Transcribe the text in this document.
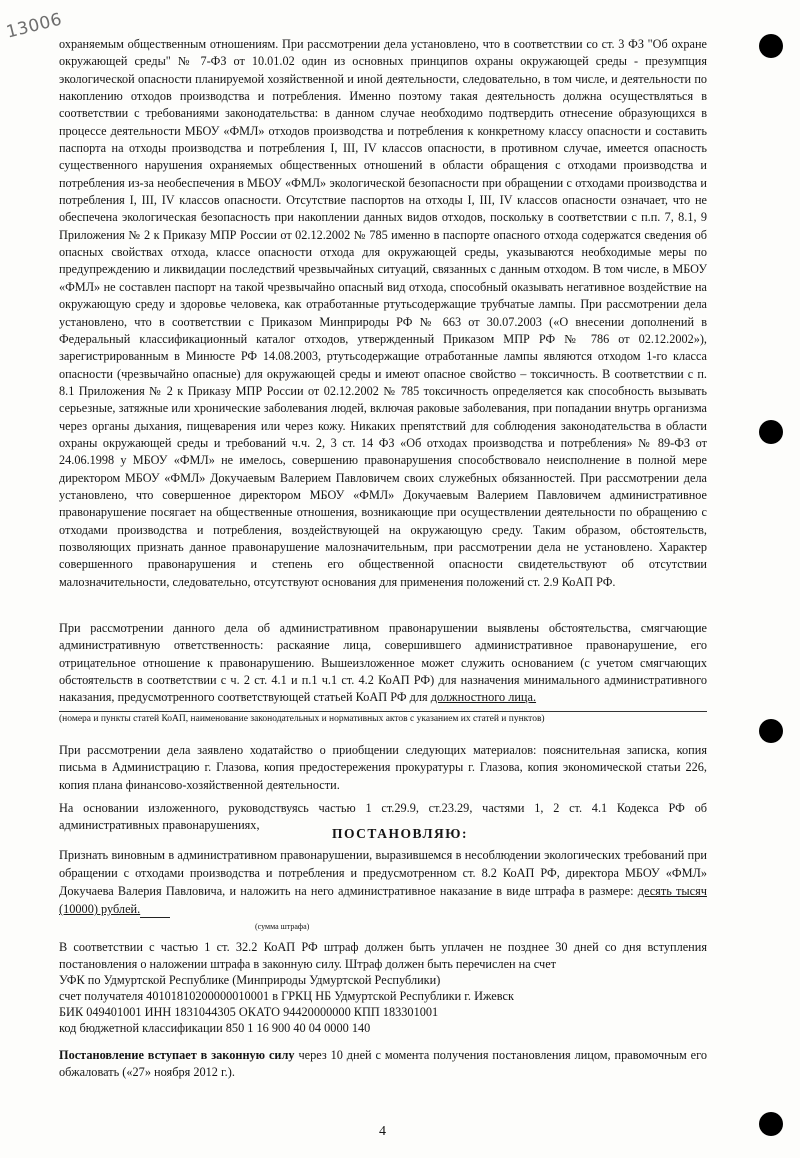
13006

охраняемым общественным отношениям. При рассмотрении дела установлено, что в соответствии со ст. 3 ФЗ "Об охране окружающей среды" № 7-ФЗ от 10.01.02 один из основных принципов охраны окружающей среды - презумпция экологической опасности планируемой хозяйственной и иной деятельности, следовательно, в том числе, и деятельности по накоплению отходов производства и потребления. Именно поэтому такая деятельность должна осуществляться в соответствии с требованиями законодательства: в данном случае необходимо подтвердить отнесение образующихся в процессе деятельности МБОУ «ФМЛ» отходов производства и потребления к конкретному классу опасности и составить паспорта на отходы производства и потребления I, III, IV классов опасности, в противном случае, имеется опасность существенного нарушения охраняемых общественных отношений в области обращения с отходами производства и потребления из-за необеспечения в МБОУ «ФМЛ» экологической безопасности при обращении с отходами производства и потребления I, III, IV классов опасности. Отсутствие паспортов на отходы I, III, IV классов опасности означает, что не обеспечена экологическая безопасность при накоплении данных видов отходов, поскольку в соответствии с п.п. 7, 8.1, 9 Приложения № 2 к Приказу МПР России от 02.12.2002 № 785 именно в паспорте опасного отхода содержатся сведения об опасных свойствах отхода, классе опасности отхода для окружающей среды, указываются необходимые меры по предупреждению и ликвидации последствий чрезвычайных ситуаций, связанных с данным отходом. В том числе, в МБОУ «ФМЛ» не составлен паспорт на такой чрезвычайно опасный вид отхода, способный оказывать негативное воздействие на окружающую среду и здоровье человека, как отработанные ртутьсодержащие трубчатые лампы. При рассмотрении дела установлено, что в соответствии с Приказом Минприроды РФ № 663 от 30.07.2003 («О внесении дополнений в Федеральный классификационный каталог отходов, утвержденный Приказом МПР РФ № 786 от 02.12.2002»), зарегистрированным в Минюсте РФ 14.08.2003, ртутьсодержащие отработанные лампы являются отходом 1-го класса опасности (чрезвычайно опасные) для окружающей среды и имеют опасное свойство – токсичность. В соответствии с п. 8.1 Приложения № 2 к Приказу МПР России от 02.12.2002 № 785 токсичность определяется как способность вызывать серьезные, затяжные или хронические заболевания людей, включая раковые заболевания, при попадании внутрь организма через органы дыхания, пищеварения или через кожу. Никаких препятствий для соблюдения законодательства в области охраны окружающей среды и требований ч.ч. 2, 3 ст. 14 ФЗ «Об отходах производства и потребления» № 89-ФЗ от 24.06.1998 у МБОУ «ФМЛ» не имелось, совершению правонарушения способствовало неисполнение в полной мере директором МБОУ «ФМЛ» Докучаевым Валерием Павловичем своих служебных обязанностей. При рассмотрении дела установлено, что совершенное директором МБОУ «ФМЛ» Докучаевым Валерием Павловичем административное правонарушение посягает на общественные отношения, возникающие при осуществлении деятельности по обращению с отходами производства и потребления, воздействующей на окружающую среду. Таким образом, обстоятельств, позволяющих признать данное правонарушение малозначительным, при рассмотрении дела не установлено. Характер совершенного правонарушения и степень его общественной опасности свидетельствуют об отсутствии малозначительности, следовательно, отсутствуют основания для применения положений ст. 2.9 КоАП РФ.

При рассмотрении данного дела об административном правонарушении выявлены обстоятельства, смягчающие административную ответственность: раскаяние лица, совершившего административное правонарушение, его отрицательное отношение к правонарушению. Вышеизложенное может служить основанием (с учетом смягчающих обстоятельств в соответствии с ч. 2 ст. 4.1 и п.1 ч.1 ст. 4.2 КоАП РФ) для назначения минимального административного наказания, предусмотренного соответствующей статьей КоАП РФ для должностного лица.

(номера и пункты статей КоАП, наименование законодательных и нормативных актов с указанием их статей и пунктов)

При рассмотрении дела заявлено ходатайство о приобщении следующих материалов: пояснительная записка, копия письма в Администрацию г. Глазова, копия предостережения прокуратуры г. Глазова, копия экономической статьи 226, копия плана финансово-хозяйственной деятельности.

На основании изложенного, руководствуясь частью 1 ст.29.9, ст.23.29, частями 1, 2 ст. 4.1 Кодекса РФ об административных правонарушениях,

ПОСТАНОВЛЯЮ:

Признать виновным в административном правонарушении, выразившемся в несоблюдении экологических требований при обращении с отходами производства и потребления и предусмотренном ст. 8.2 КоАП РФ, директора МБОУ «ФМЛ» Докучаева Валерия Павловича, и наложить на него административное наказание в виде штрафа в размере: десять тысяч (10000) рублей.

(сумма штрафа)

В соответствии с частью 1 ст. 32.2 КоАП РФ штраф должен быть уплачен не позднее 30 дней со дня вступления постановления о наложении штрафа в законную силу. Штраф должен быть перечислен на счет

УФК по Удмуртской Республике (Минприроды Удмуртской Республики)
счет получателя 40101810200000010001 в ГРКЦ НБ Удмуртской Республики г. Ижевск
БИК 049401001 ИНН 1831044305 ОКАТО 94420000000 КПП 183301001
код бюджетной классификации 850 1 16 900 40 04 0000 140

Постановление вступает в законную силу через 10 дней с момента получения постановления лицом, правомочным его обжаловать («27» ноября 2012 г.).

4
